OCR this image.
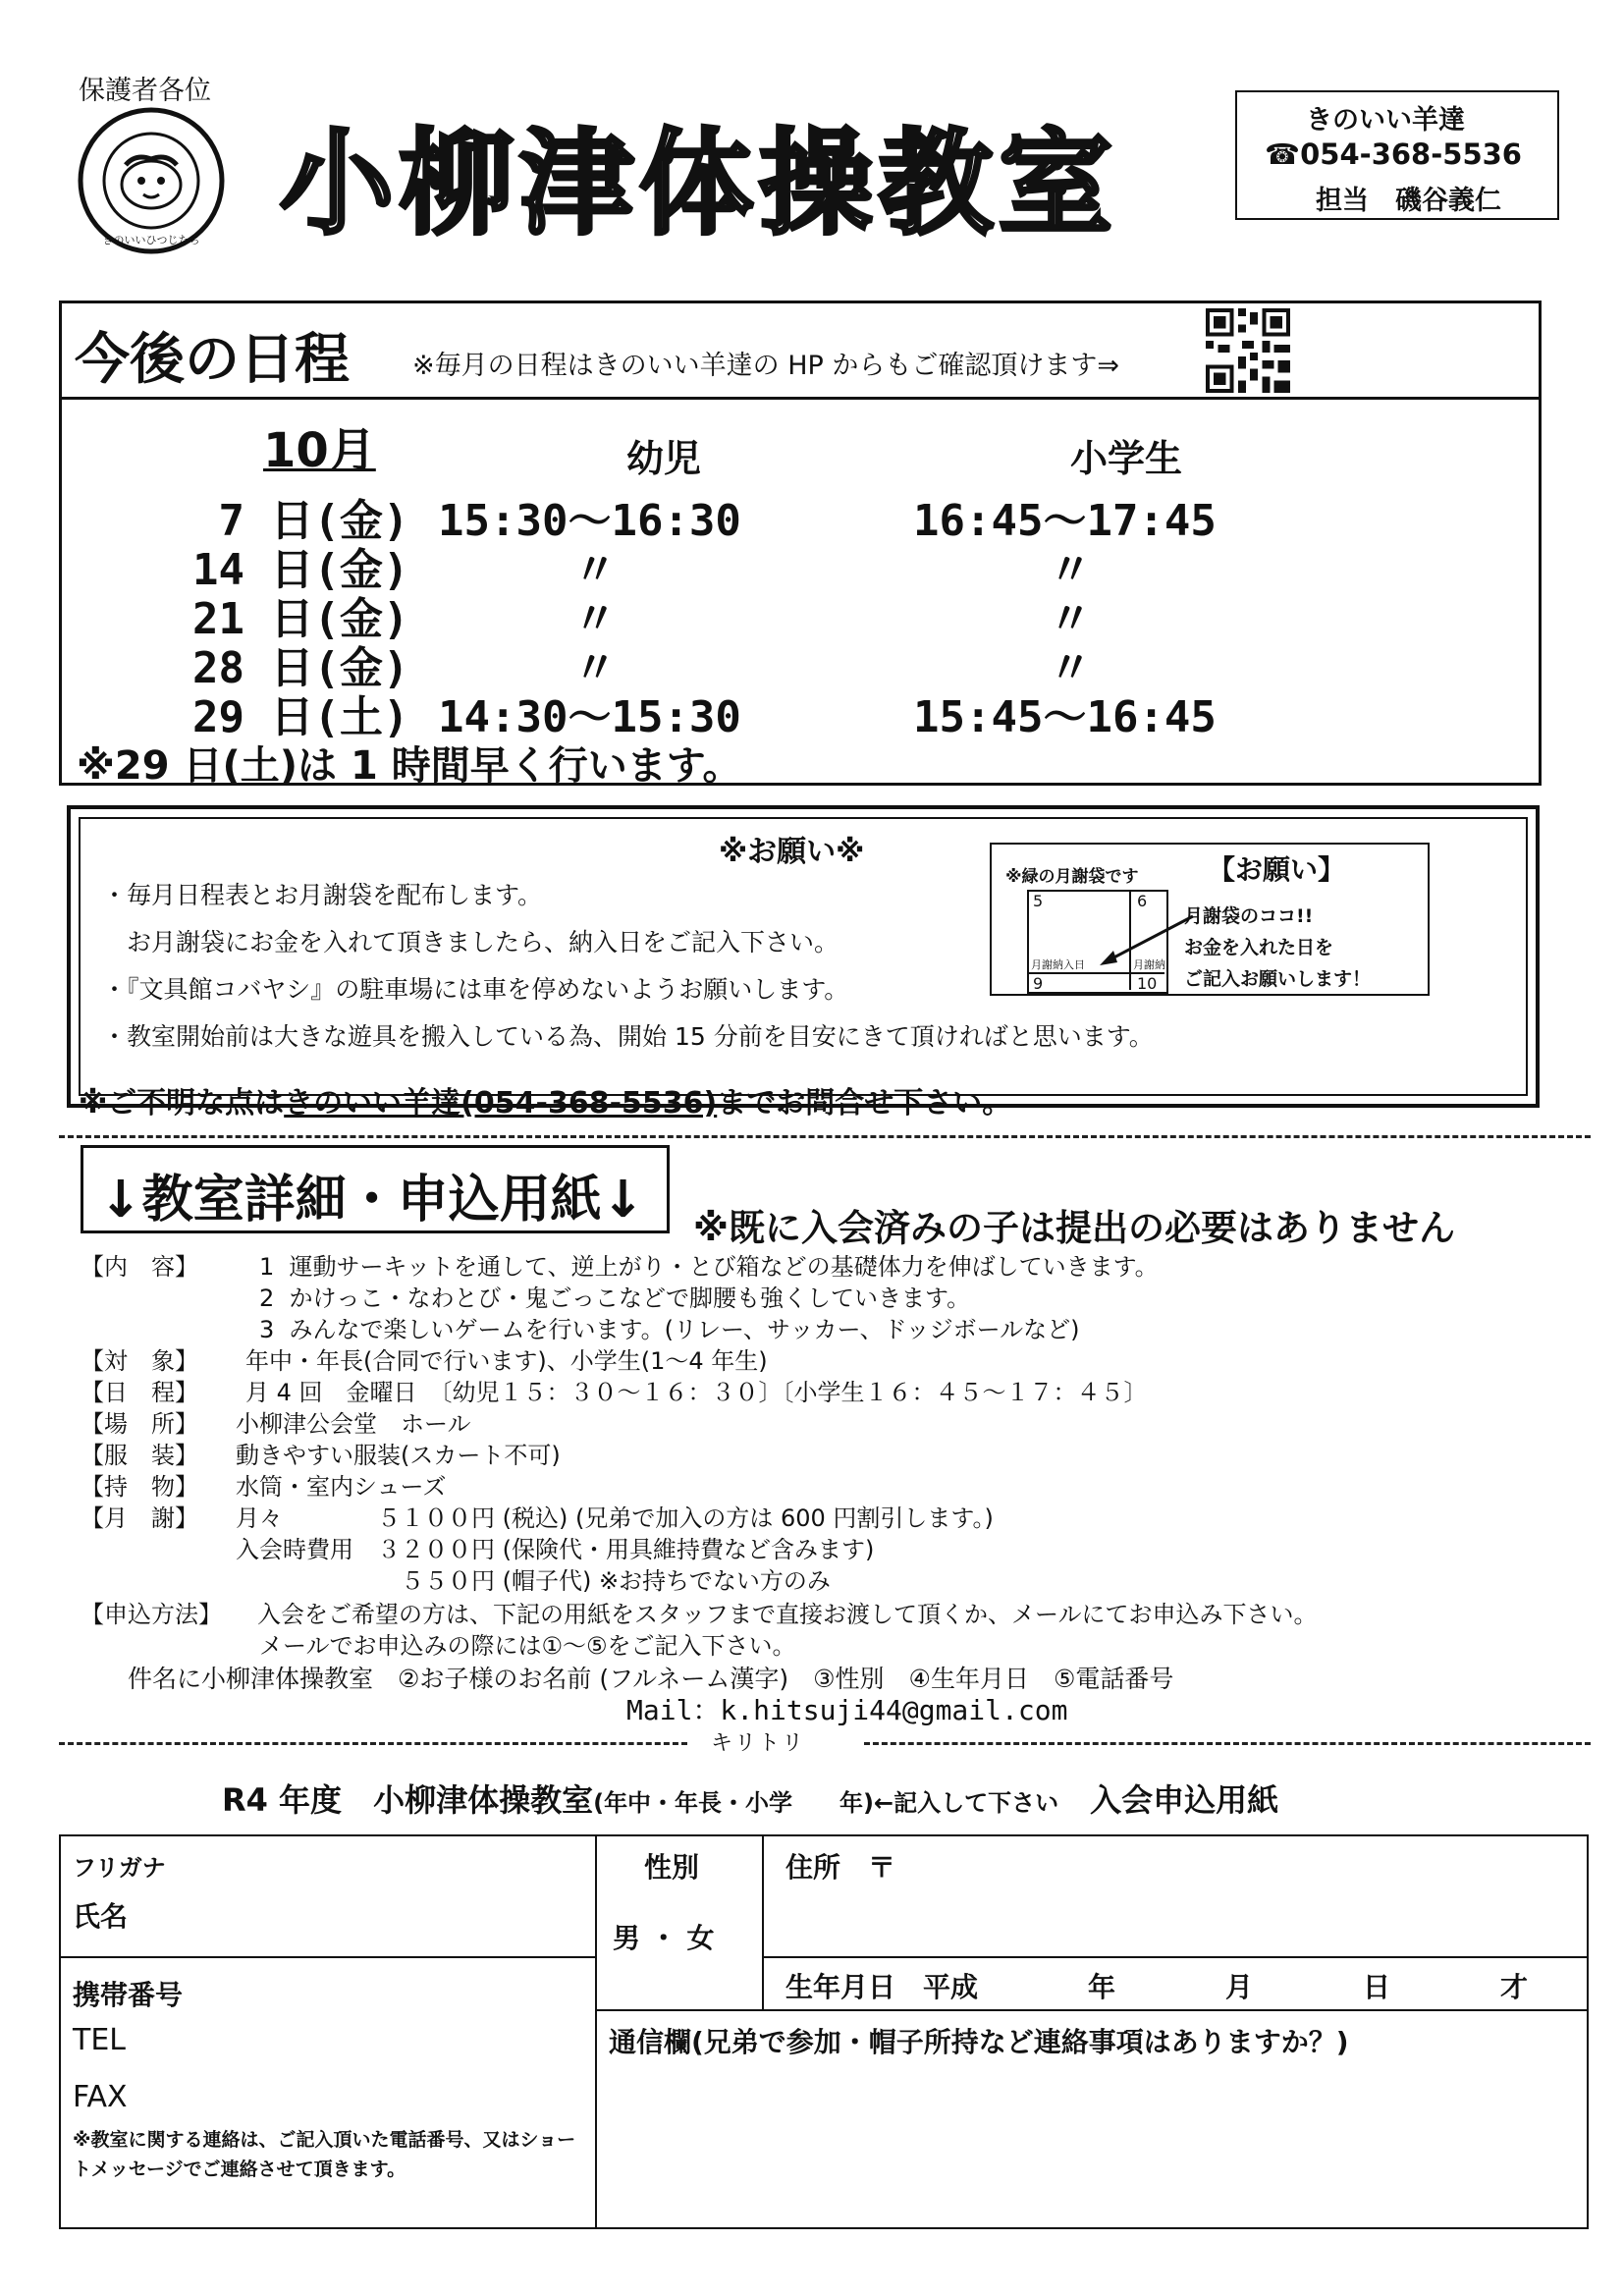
保護者各位
きのいいひつじたち 小柳津体操教室	きのいい羊達
☎054-368-5536
担当　磯谷義仁
今後の日程 ※毎月の日程はきのいい羊達の HP からもご確認頂けます⇒
10月	幼児	小学生
7 日(金) 15:30〜16:30	16:45〜17:45
14 日(金)	〃	〃
21 日(金)	〃	〃
28 日(金)	〃	〃
29 日(土) 14:30〜15:30	15:45〜16:45
※29 日(土)は 1 時間早く行います。
※お願い※
・毎月日程表とお月謝袋を配布します。
　お月謝袋にお金を入れて頂きましたら、納入日をご記入下さい。
・『文具館コバヤシ』の駐車場には車を停めないようお願いします。
・教室開始前は大きな遊具を搬入している為、開始 15 分前を目安にきて頂ければと思います。
※緑の月謝袋です
5	6
9	10
月謝納入日	月謝納
【お願い】
月謝袋のココ!!
お金を入れた日を
ご記入お願いします！
※ご不明な点はきのいい羊達(054-368-5536)までお問合せ下さい。
↓教室詳細・申込用紙↓ ※既に入会済みの子は提出の必要はありません
【内　容】 　1  運動サーキットを通して、逆上がり・とび箱などの基礎体力を伸ばしていきます。
　2  かけっこ・なわとび・鬼ごっこなどで脚腰も強くしていきます。
　3  みんなで楽しいゲームを行います。(リレー、サッカー、ドッジボールなど)
【対　象】 年中・年長(合同で行います)、小学生(1〜4 年生)
【日　程】 月 4 回　金曜日　〔幼児１５：３０〜１６：３０〕〔小学生１６：４５〜１７：４５〕
【場　所】 小柳津公会堂　ホール
【服　装】 動きやすい服装(スカート不可)
【持　物】 水筒・室内シューズ
【月　謝】 月々　　　　５１００円 (税込) (兄弟で加入の方は 600 円割引します。)
入会時費用　３２００円 (保険代・用具維持費など含みます)
　　　　　　　５５０円 (帽子代) ※お持ちでない方のみ
【申込方法】 入会をご希望の方は、下記の用紙をスタッフまで直接お渡して頂くか、メールにてお申込み下さい。
　メールでお申込みの際には①〜⑤をご記入下さい。
件名に小柳津体操教室　②お子様のお名前 (フルネーム漢字)　③性別　④生年月日　⑤電話番号
Mail：k.hitsuji44@gmail.com
キリトリ
R4 年度　 小柳津体操教室(年中・年長・小学　　年)←記入して下さい　 入会申込用紙
フリガナ
氏名
性別
男 ・ 女
住所　〒
生年月日　平成　　　　年　　　　月　　　　日　　　　才
携帯番号
TEL
FAX
※教室に関する連絡は、ご記入頂いた電話番号、又はショートメッセージでご連絡させて頂きます。
通信欄(兄弟で参加・帽子所持など連絡事項はありますか？)
